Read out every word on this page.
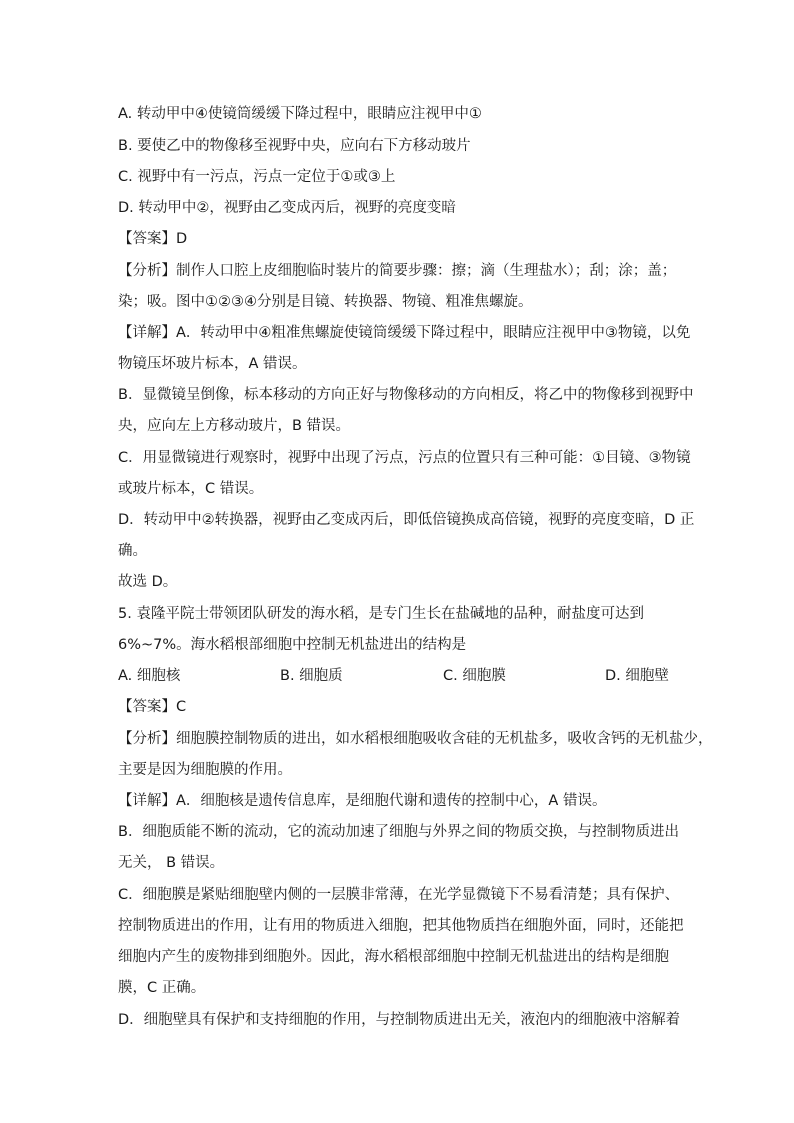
A. 转动甲中④使镜筒缓缓下降过程中，眼睛应注视甲中①
B. 要使乙中的物像移至视野中央，应向右下方移动玻片
C. 视野中有一污点，污点一定位于①或③上
D. 转动甲中②，视野由乙变成丙后，视野的亮度变暗
【答案】D
【分析】制作人口腔上皮细胞临时装片的简要步骤：擦；滴（生理盐水）；刮；涂；盖；
染；吸。图中①②③④分别是目镜、转换器、物镜、粗准焦螺旋。
【详解】A．转动甲中④粗准焦螺旋使镜筒缓缓下降过程中，眼睛应注视甲中③物镜，以免
物镜压坏玻片标本，A 错误。
B．显微镜呈倒像，标本移动的方向正好与物像移动的方向相反，将乙中的物像移到视野中
央，应向左上方移动玻片，B 错误。
C．用显微镜进行观察时，视野中出现了污点，污点的位置只有三种可能：①目镜、③物镜
或玻片标本，C 错误。
D．转动甲中②转换器，视野由乙变成丙后，即低倍镜换成高倍镜，视野的亮度变暗，D 正
确。
故选 D。
5. 袁隆平院士带领团队研发的海水稻，是专门生长在盐碱地的品种，耐盐度可达到
6%~7%。海水稻根部细胞中控制无机盐进出的结构是
A. 细胞核	B. 细胞质	C. 细胞膜	D. 细胞壁
【答案】C
【分析】细胞膜控制物质的进出，如水稻根细胞吸收含硅的无机盐多，吸收含钙的无机盐少，
主要是因为细胞膜的作用。
【详解】A．细胞核是遗传信息库，是细胞代谢和遗传的控制中心，A 错误。
B．细胞质能不断的流动，它的流动加速了细胞与外界之间的物质交换，与控制物质进出
无关， B 错误。
C．细胞膜是紧贴细胞壁内侧的一层膜非常薄，在光学显微镜下不易看清楚；具有保护、
控制物质进出的作用，让有用的物质进入细胞，把其他物质挡在细胞外面，同时，还能把
细胞内产生的废物排到细胞外。因此，海水稻根部细胞中控制无机盐进出的结构是细胞
膜，C 正确。
D．细胞壁具有保护和支持细胞的作用，与控制物质进出无关，液泡内的细胞液中溶解着
